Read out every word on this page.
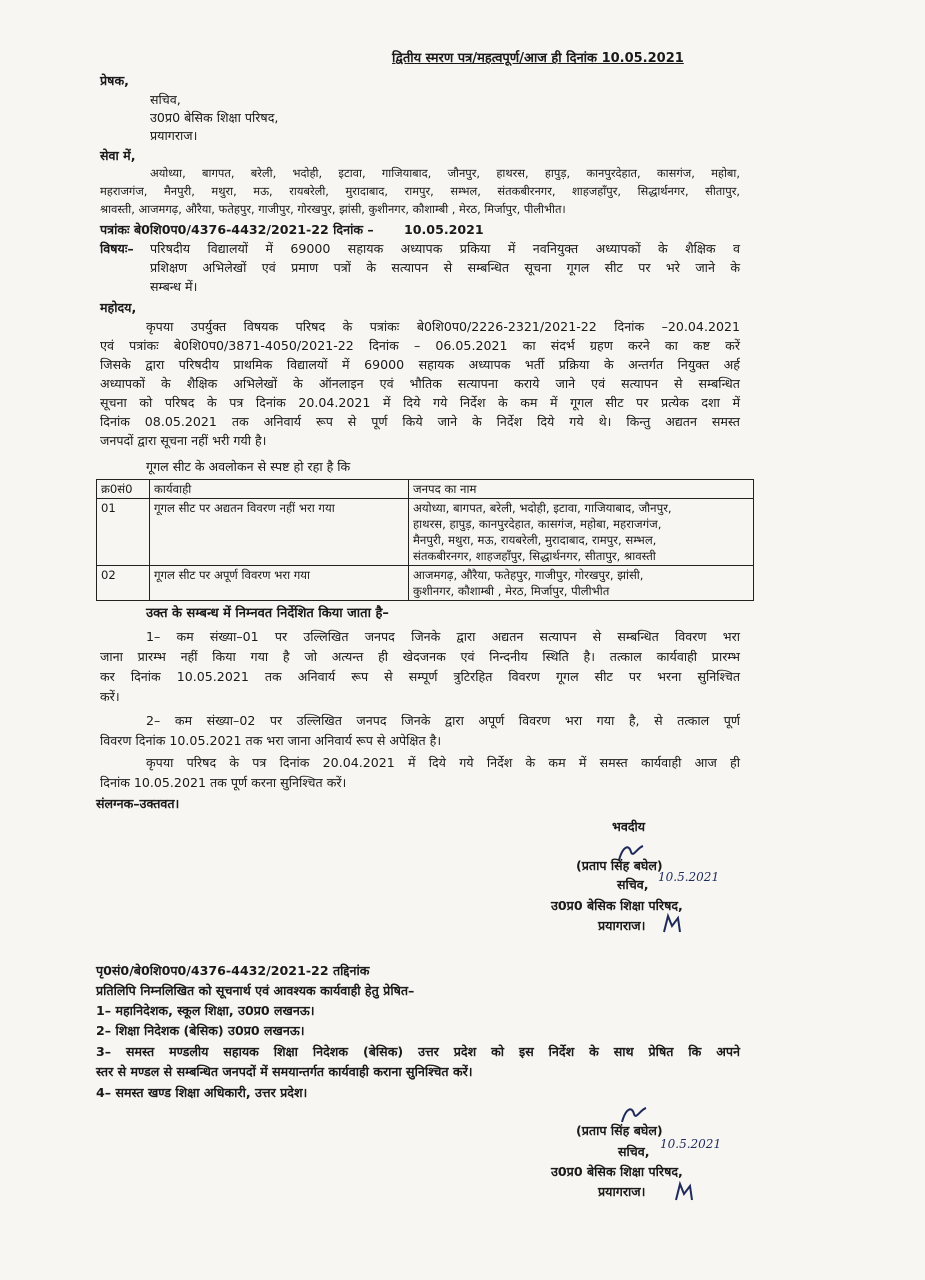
द्वितीय स्मरण पत्र/महत्वपूर्ण/आज ही दिनांक 10.05.2021
प्रेषक,
सचिव,
उ0प्र0 बेसिक शिक्षा परिषद,
प्रयागराज।
सेवा में,
अयोध्या, बागपत, बरेली, भदोही, इटावा, गाजियाबाद, जौनपुर, हाथरस, हापुड़, कानपुरदेहात, कासगंज, महोबा,
महराजगंज, मैनपुरी, मथुरा, मऊ, रायबरेली, मुरादाबाद, रामपुर, सम्भल, संतकबीरनगर, शाहजहाँपुर, सिद्धार्थनगर, सीतापुर,
श्रावस्ती, आजमगढ़, औरैया, फतेहपुर, गाजीपुर, गोरखपुर, झांसी, कुशीनगर, कौशाम्बी , मेरठ, मिर्जापुर, पीलीभीत।
पत्रांकः बे0शि0प0/4376-4432/2021-22 दिनांक – 10.05.2021
विषयः– परिषदीय विद्यालयों में 69000 सहायक अध्यापक प्रकिया में नवनियुक्त अध्यापकों के शैक्षिक व
प्रशिक्षण अभिलेखों एवं प्रमाण पत्रों के सत्यापन से सम्बन्धित सूचना गूगल सीट पर भरे जाने के
सम्बन्ध में।
महोदय,
कृपया उपर्युक्त विषयक परिषद के पत्रांकः बे0शि0प0/2226-2321/2021-22 दिनांक –20.04.2021
एवं पत्रांकः बे0शि0प0/3871-4050/2021-22 दिनांक – 06.05.2021 का संदर्भ ग्रहण करने का कष्ट करें
जिसके द्वारा परिषदीय प्राथमिक विद्यालयों में 69000 सहायक अध्यापक भर्ती प्रक्रिया के अन्तर्गत नियुक्त अर्ह
अध्यापकों के शैक्षिक अभिलेखों के ऑनलाइन एवं भौतिक सत्यापना कराये जाने एवं सत्यापन से सम्बन्धित
सूचना को परिषद के पत्र दिनांक 20.04.2021 में दिये गये निर्देश के कम में गूगल सीट पर प्रत्येक दशा में
दिनांक 08.05.2021 तक अनिवार्य रूप से पूर्ण किये जाने के निर्देश दिये गये थे। किन्तु अद्यतन समस्त
जनपदों द्वारा सूचना नहीं भरी गयी है।
गूगल सीट के अवलोकन से स्पष्ट हो रहा है कि
क्र0सं0	कार्यवाही	जनपद का नाम
01	गूगल सीट पर अद्यतन विवरण नहीं भरा गया	अयोध्या, बागपत, बरेली, भदोही, इटावा, गाजियाबाद, जौनपुर,
हाथरस, हापुड़, कानपुरदेहात, कासगंज, महोबा, महराजगंज,
मैनपुरी, मथुरा, मऊ, रायबरेली, मुरादाबाद, रामपुर, सम्भल,
संतकबीरनगर, शाहजहाँपुर, सिद्धार्थनगर, सीतापुर, श्रावस्ती

02	गूगल सीट पर अपूर्ण विवरण भरा गया	आजमगढ़, औरैया, फतेहपुर, गाजीपुर, गोरखपुर, झांसी,
कुशीनगर, कौशाम्बी , मेरठ, मिर्जापुर, पीलीभीत
उक्त के सम्बन्ध में निम्नवत निर्देशित किया जाता है–
1– कम संख्या–01 पर उल्लिखित जनपद जिनके द्वारा अद्यतन सत्यापन से सम्बन्धित विवरण भरा
जाना प्रारम्भ नहीं किया गया है जो अत्यन्त ही खेदजनक एवं निन्दनीय स्थिति है। तत्काल कार्यवाही प्रारम्भ
कर दिनांक 10.05.2021 तक अनिवार्य रूप से सम्पूर्ण त्रुटिरहित विवरण गूगल सीट पर भरना सुनिश्चित
करें।
2– कम संख्या–02 पर उल्लिखित जनपद जिनके द्वारा अपूर्ण विवरण भरा गया है, से तत्काल पूर्ण
विवरण दिनांक 10.05.2021 तक भरा जाना अनिवार्य रूप से अपेक्षित है।
कृपया परिषद के पत्र दिनांक 20.04.2021 में दिये गये निर्देश के कम में समस्त कार्यवाही आज ही
दिनांक 10.05.2021 तक पूर्ण करना सुनिश्चित करें।
संलग्नक–उक्तवत।
भवदीय
(प्रताप सिंह बघेल)
सचिव, 10.5.2021
उ0प्र0 बेसिक शिक्षा परिषद,
प्रयागराज।
पृ0सं0/बे0शि0प0/4376-4432/2021-22 तद्दिनांक
प्रतिलिपि निम्नलिखित को सूचनार्थ एवं आवश्यक कार्यवाही हेतु प्रेषित–
1– महानिदेशक, स्कूल शिक्षा, उ0प्र0 लखनऊ।
2– शिक्षा निदेशक (बेसिक) उ0प्र0 लखनऊ।
3– समस्त मण्डलीय सहायक शिक्षा निदेशक (बेसिक) उत्तर प्रदेश को इस निर्देश के साथ प्रेषित कि अपने
स्तर से मण्डल से सम्बन्धित जनपदों में समयान्तर्गत कार्यवाही कराना सुनिश्चित करें।
4– समस्त खण्ड शिक्षा अधिकारी, उत्तर प्रदेश।
(प्रताप सिंह बघेल)
सचिव, 10.5.2021
उ0प्र0 बेसिक शिक्षा परिषद,
प्रयागराज।
